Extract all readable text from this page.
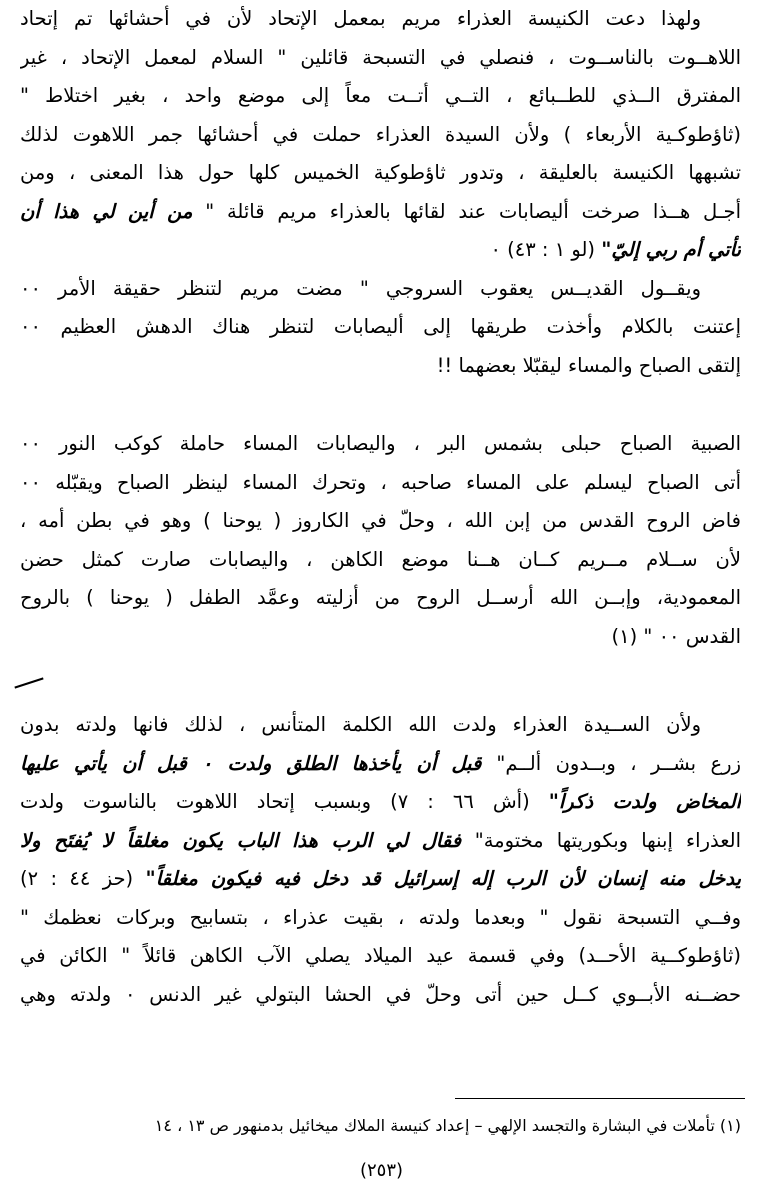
ولهذا دعت الكنيسة العذراء مريم بمعمل الإتحاد لأن في أحشائها تم إتحاد
اللاهــوت بالناســوت ، فنصلي في التسبحة قائلين " السلام لمعمل الإتحاد ، غير
المفترق الــذي للطــبائع ، التــي أتــت معاً إلى موضع واحد ، بغير اختلاط "
(ثاؤطوكـية الأربعاء ) ولأن السيدة العذراء حملت في أحشائها جمر اللاهوت لذلك
تشبهها الكنيسة بالعليقة ، وتدور ثاؤطوكية الخميس كلها حول هذا المعنى ، ومن
أجـل هــذا صرخت أليصابات عند لقائها بالعذراء مريم قائلة " من أين لي هذا أن
تأتي أم ربي إليّ" (لو ١ : ٤٣) ٠
ويقــول القديــس يعقوب السروجي " مضت مريم لتنظر حقيقة الأمر ٠٠
إعتنت بالكلام وأخذت طريقها إلى أليصابات لتنظر هناك الدهش العظيم ٠٠
إلتقى الصباح والمساء ليقبّلا بعضهما !!
الصبية الصباح حبلى بشمس البر ، واليصابات المساء حاملة كوكب النور ٠٠
أتى الصباح ليسلم على المساء صاحبه ، وتحرك المساء لينظر الصباح ويقبّله ٠٠
فاض الروح القدس من إبن الله ، وحلّ في الكاروز ( يوحنا ) وهو في بطن أمه ،
لأن ســلام مــريم كــان هــنا موضع الكاهن ، واليصابات صارت كمثل حضن
المعمودية، وإبــن الله أرســل الروح من أزليته وعمَّد الطفل ( يوحنا ) بالروح
القدس ٠٠ " (١)
ولأن الســيدة العذراء ولدت الله الكلمة المتأنس ، لذلك فانها ولدته بدون
زرع بشــر ، وبــدون ألــم" قبل أن يأخذها الطلق ولدت ٠ قبل أن يأتي عليها
المخاض ولدت ذكراً" (أش ٦٦ : ٧) وبسبب إتحاد اللاهوت بالناسوت ولدت
العذراء إبنها وبكوريتها مختومة" فقال لي الرب هذا الباب يكون مغلقاً لا يُفتَح ولا
يدخل منه إنسان لأن الرب إله إسرائيل قد دخل فيه فيكون مغلقاً" (حز ٤٤ : ٢)
وفــي التسبحة نقول " وبعدما ولدته ، بقيت عذراء ، بتسابيح وبركات نعظمك "
(ثاؤطوكــية الأحــد) وفي قسمة عيد الميلاد يصلي الآب الكاهن قائلاً " الكائن في
حضــنه الأبــوي كــل حين أتى وحلّ في الحشا البتولي غير الدنس ٠ ولدته وهي
(١) تأملات في البشارة والتجسد الإلهي – إعداد كنيسة الملاك ميخائيل بدمنهور ص ١٣ ، ١٤
(٢٥٣)
